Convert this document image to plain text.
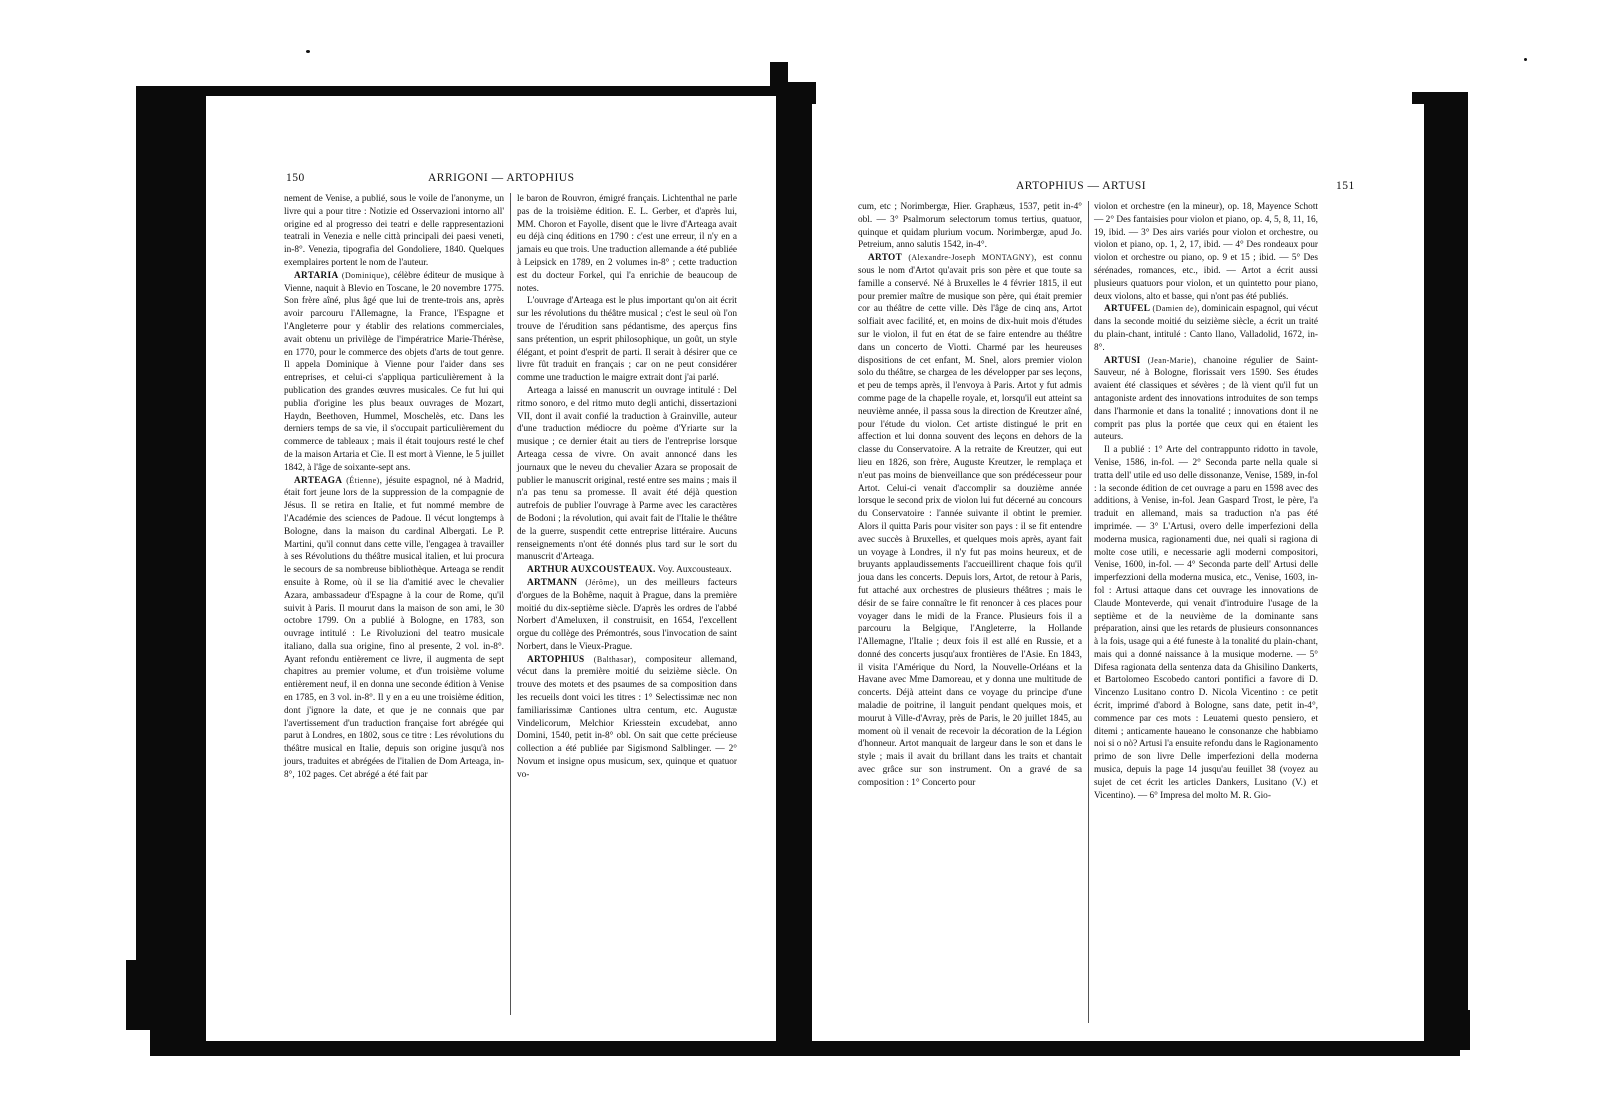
150	ARRIGONI — ARTOPHIUS

nement de Venise, a publié, sous le voile de l'anonyme, un livre qui a pour titre : Notizie ed Osservazioni intorno all' origine ed al progresso dei teatri e delle rappresentazioni teatrali in Venezia e nelle città principali dei paesi veneti, in-8°. Venezia, tipografia del Gondoliere, 1840. Quelques exemplaires portent le nom de l'auteur.

ARTARIA (Dominique), célèbre éditeur de musique à Vienne, naquit à Blevio en Toscane, le 20 novembre 1775. Son frère aîné, plus âgé que lui de trente-trois ans, après avoir parcouru l'Allemagne, la France, l'Espagne et l'Angleterre pour y établir des relations commerciales, avait obtenu un privilège de l'impératrice Marie-Thérèse, en 1770, pour le commerce des objets d'arts de tout genre. Il appela Dominique à Vienne pour l'aider dans ses entreprises, et celui-ci s'appliqua particulièrement à la publication des grandes œuvres musicales. Ce fut lui qui publia d'origine les plus beaux ouvrages de Mozart, Haydn, Beethoven, Hummel, Moschelès, etc. Dans les derniers temps de sa vie, il s'occupait particulièrement du commerce de tableaux ; mais il était toujours resté le chef de la maison Artaria et Cie. Il est mort à Vienne, le 5 juillet 1842, à l'âge de soixante-sept ans.

ARTEAGA (Étienne), jésuite espagnol, né à Madrid, était fort jeune lors de la suppression de la compagnie de Jésus. Il se retira en Italie, et fut nommé membre de l'Académie des sciences de Padoue. Il vécut longtemps à Bologne, dans la maison du cardinal Albergati. Le P. Martini, qu'il connut dans cette ville, l'engagea à travailler à ses Révolutions du théâtre musical italien, et lui procura le secours de sa nombreuse bibliothèque. Arteaga se rendit ensuite à Rome, où il se lia d'amitié avec le chevalier Azara, ambassadeur d'Espagne à la cour de Rome, qu'il suivit à Paris. Il mourut dans la maison de son ami, le 30 octobre 1799. On a publié à Bologne, en 1783, son ouvrage intitulé : Le Rivoluzioni del teatro musicale italiano, dalla sua origine, fino al presente, 2 vol. in-8°. Ayant refondu entièrement ce livre, il augmenta de sept chapitres au premier volume, et d'un troisième volume entièrement neuf, il en donna une seconde édition à Venise en 1785, en 3 vol. in-8°. Il y en a eu une troisième édition, dont j'ignore la date, et que je ne connais que par l'avertissement d'un traduction française fort abrégée qui parut à Londres, en 1802, sous ce titre : Les révolutions du théâtre musical en Italie, depuis son origine jusqu'à nos jours, traduites et abrégées de l'italien de Dom Arteaga, in-8°, 102 pages. Cet abrégé a été fait par

le baron de Rouvron, émigré français. Lichtenthal ne parle pas de la troisième édition. E. L. Gerber, et d'après lui, MM. Choron et Fayolle, disent que le livre d'Arteaga avait eu déjà cinq éditions en 1790 : c'est une erreur, il n'y en a jamais eu que trois. Une traduction allemande a été publiée à Leipsick en 1789, en 2 volumes in-8° ; cette traduction est du docteur Forkel, qui l'a enrichie de beaucoup de notes.

L'ouvrage d'Arteaga est le plus important qu'on ait écrit sur les révolutions du théâtre musical ; c'est le seul où l'on trouve de l'érudition sans pédantisme, des aperçus fins sans prétention, un esprit philosophique, un goût, un style élégant, et point d'esprit de parti. Il serait à désirer que ce livre fût traduit en français ; car on ne peut considérer comme une traduction le maigre extrait dont j'ai parlé.

Arteaga a laissé en manuscrit un ouvrage intitulé : Del ritmo sonoro, e del ritmo muto degli antichi, dissertazioni VII, dont il avait confié la traduction à Grainville, auteur d'une traduction médiocre du poème d'Yriarte sur la musique ; ce dernier était au tiers de l'entreprise lorsque Arteaga cessa de vivre. On avait annoncé dans les journaux que le neveu du chevalier Azara se proposait de publier le manuscrit original, resté entre ses mains ; mais il n'a pas tenu sa promesse. Il avait été déjà question autrefois de publier l'ouvrage à Parme avec les caractères de Bodoni ; la révolution, qui avait fait de l'Italie le théâtre de la guerre, suspendit cette entreprise littéraire. Aucuns renseignements n'ont été donnés plus tard sur le sort du manuscrit d'Arteaga.

ARTHUR AUXCOUSTEAUX. Voy. Auxcousteaux.

ARTMANN (Jérôme), un des meilleurs facteurs d'orgues de la Bohême, naquit à Prague, dans la première moitié du dix-septième siècle. D'après les ordres de l'abbé Norbert d'Ameluxen, il construisit, en 1654, l'excellent orgue du collège des Prémontrés, sous l'invocation de saint Norbert, dans le Vieux-Prague.

ARTOPHIUS (Balthasar), compositeur allemand, vécut dans la première moitié du seizième siècle. On trouve des motets et des psaumes de sa composition dans les recueils dont voici les titres : 1° Selectissimæ nec non familiarissimæ Cantiones ultra centum, etc. Augustæ Vindelicorum, Melchior Kriesstein excudebat, anno Domini, 1540, petit in-8° obl. On sait que cette précieuse collection a été publiée par Sigismond Salblinger. — 2° Novum et insigne opus musicum, sex, quinque et quatuor vo-

ARTOPHIUS — ARTUSI	151

cum, etc ; Norimbergæ, Hier. Graphæus, 1537, petit in-4° obl. — 3° Psalmorum selectorum tomus tertius, quatuor, quinque et quidam plurium vocum. Norimbergæ, apud Jo. Petreium, anno salutis 1542, in-4°.

ARTOT (Alexandre-Joseph MONTAGNY), est connu sous le nom d'Artot qu'avait pris son père et que toute sa famille a conservé. Né à Bruxelles le 4 février 1815, il eut pour premier maître de musique son père, qui était premier cor au théâtre de cette ville. Dès l'âge de cinq ans, Artot solfiait avec facilité, et, en moins de dix-huit mois d'études sur le violon, il fut en état de se faire entendre au théâtre dans un concerto de Viotti. Charmé par les heureuses dispositions de cet enfant, M. Snel, alors premier violon solo du théâtre, se chargea de les développer par ses leçons, et peu de temps après, il l'envoya à Paris. Artot y fut admis comme page de la chapelle royale, et, lorsqu'il eut atteint sa neuvième année, il passa sous la direction de Kreutzer aîné, pour l'étude du violon. Cet artiste distingué le prit en affection et lui donna souvent des leçons en dehors de la classe du Conservatoire. A la retraite de Kreutzer, qui eut lieu en 1826, son frère, Auguste Kreutzer, le remplaça et n'eut pas moins de bienveillance que son prédécesseur pour Artot. Celui-ci venait d'accomplir sa douzième année lorsque le second prix de violon lui fut décerné au concours du Conservatoire : l'année suivante il obtint le premier. Alors il quitta Paris pour visiter son pays : il se fit entendre avec succès à Bruxelles, et quelques mois après, ayant fait un voyage à Londres, il n'y fut pas moins heureux, et de bruyants applaudissements l'accueillirent chaque fois qu'il joua dans les concerts. Depuis lors, Artot, de retour à Paris, fut attaché aux orchestres de plusieurs théâtres ; mais le désir de se faire connaître le fit renoncer à ces places pour voyager dans le midi de la France. Plusieurs fois il a parcouru la Belgique, l'Angleterre, la Hollande l'Allemagne, l'Italie ; deux fois il est allé en Russie, et a donné des concerts jusqu'aux frontières de l'Asie. En 1843, il visita l'Amérique du Nord, la Nouvelle-Orléans et la Havane avec Mme Damoreau, et y donna une multitude de concerts. Déjà atteint dans ce voyage du principe d'une maladie de poitrine, il languit pendant quelques mois, et mourut à Ville-d'Avray, près de Paris, le 20 juillet 1845, au moment où il venait de recevoir la décoration de la Légion d'honneur. Artot manquait de largeur dans le son et dans le style ; mais il avait du brillant dans les traits et chantait avec grâce sur son instrument. On a gravé de sa composition : 1° Concerto pour

violon et orchestre (en la mineur), op. 18, Mayence Schott — 2° Des fantaisies pour violon et piano, op. 4, 5, 8, 11, 16, 19, ibid. — 3° Des airs variés pour violon et orchestre, ou violon et piano, op. 1, 2, 17, ibid. — 4° Des rondeaux pour violon et orchestre ou piano, op. 9 et 15 ; ibid. — 5° Des sérénades, romances, etc., ibid. — Artot a écrit aussi plusieurs quatuors pour violon, et un quintetto pour piano, deux violons, alto et basse, qui n'ont pas été publiés.

ARTUFEL (Damien de), dominicain espagnol, qui vécut dans la seconde moitié du seizième siècle, a écrit un traité du plain-chant, intitulé : Canto llano, Valladolid, 1672, in-8°.

ARTUSI (Jean-Marie), chanoine régulier de Saint-Sauveur, né à Bologne, florissait vers 1590. Ses études avaient été classiques et sévères ; de là vient qu'il fut un antagoniste ardent des innovations introduites de son temps dans l'harmonie et dans la tonalité ; innovations dont il ne comprit pas plus la portée que ceux qui en étaient les auteurs.

Il a publié : 1° Arte del contrappunto ridotto in tavole, Venise, 1586, in-fol. — 2° Seconda parte nella quale si tratta dell' utile ed uso delle dissonanze, Venise, 1589, in-fol : la seconde édition de cet ouvrage a paru en 1598 avec des additions, à Venise, in-fol. Jean Gaspard Trost, le père, l'a traduit en allemand, mais sa traduction n'a pas été imprimée. — 3° L'Artusi, overo delle imperfezioni della moderna musica, ragionamenti due, nei quali si ragiona di molte cose utili, e necessarie agli moderni compositori, Venise, 1600, in-fol. — 4° Seconda parte dell' Artusi delle imperfezzioni della moderna musica, etc., Venise, 1603, in-fol : Artusi attaque dans cet ouvrage les innovations de Claude Monteverde, qui venait d'introduire l'usage de la septième et de la neuvième de la dominante sans préparation, ainsi que les retards de plusieurs consonnances à la fois, usage qui a été funeste à la tonalité du plain-chant, mais qui a donné naissance à la musique moderne. — 5° Difesa ragionata della sentenza data da Ghisilino Dankerts, et Bartolomeo Escobedo cantori pontifici a favore di D. Vincenzo Lusitano contro D. Nicola Vicentino : ce petit écrit, imprimé d'abord à Bologne, sans date, petit in-4°, commence par ces mots : Leuatemi questo pensiero, et ditemi ; anticamente haueano le consonanze che habbiamo noi si o nò? Artusi l'a ensuite refondu dans le Ragionamento primo de son livre Delle imperfezioni della moderna musica, depuis la page 14 jusqu'au feuillet 38 (voyez au sujet de cet écrit les articles Dankers, Lusitano (V.) et Vicentino). — 6° Impresa del molto M. R. Gio-
